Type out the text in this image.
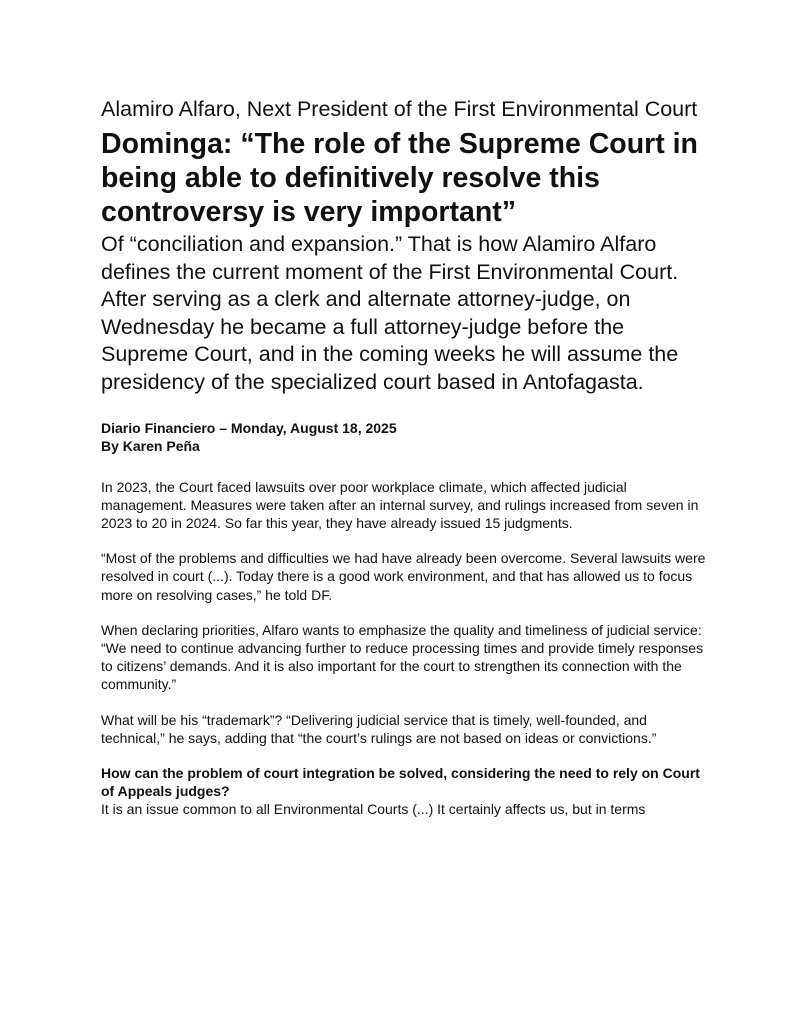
Alamiro Alfaro, Next President of the First Environmental Court
Dominga: “The role of the Supreme Court in being able to definitively resolve this controversy is very important”

Of “conciliation and expansion.” That is how Alamiro Alfaro defines the current moment of the First Environmental Court. After serving as a clerk and alternate attorney-judge, on Wednesday he became a full attorney-judge before the Supreme Court, and in the coming weeks he will assume the presidency of the specialized court based in Antofagasta.

Diario Financiero – Monday, August 18, 2025
By Karen Peña

In 2023, the Court faced lawsuits over poor workplace climate, which affected judicial management. Measures were taken after an internal survey, and rulings increased from seven in 2023 to 20 in 2024. So far this year, they have already issued 15 judgments.

“Most of the problems and difficulties we had have already been overcome. Several lawsuits were resolved in court (...). Today there is a good work environment, and that has allowed us to focus more on resolving cases,” he told DF.

When declaring priorities, Alfaro wants to emphasize the quality and timeliness of judicial service: “We need to continue advancing further to reduce processing times and provide timely responses to citizens’ demands. And it is also important for the court to strengthen its connection with the community.”

What will be his “trademark”? “Delivering judicial service that is timely, well-founded, and technical,” he says, adding that “the court’s rulings are not based on ideas or convictions.”

How can the problem of court integration be solved, considering the need to rely on Court of Appeals judges?

It is an issue common to all Environmental Courts (...) It certainly affects us, but in terms
